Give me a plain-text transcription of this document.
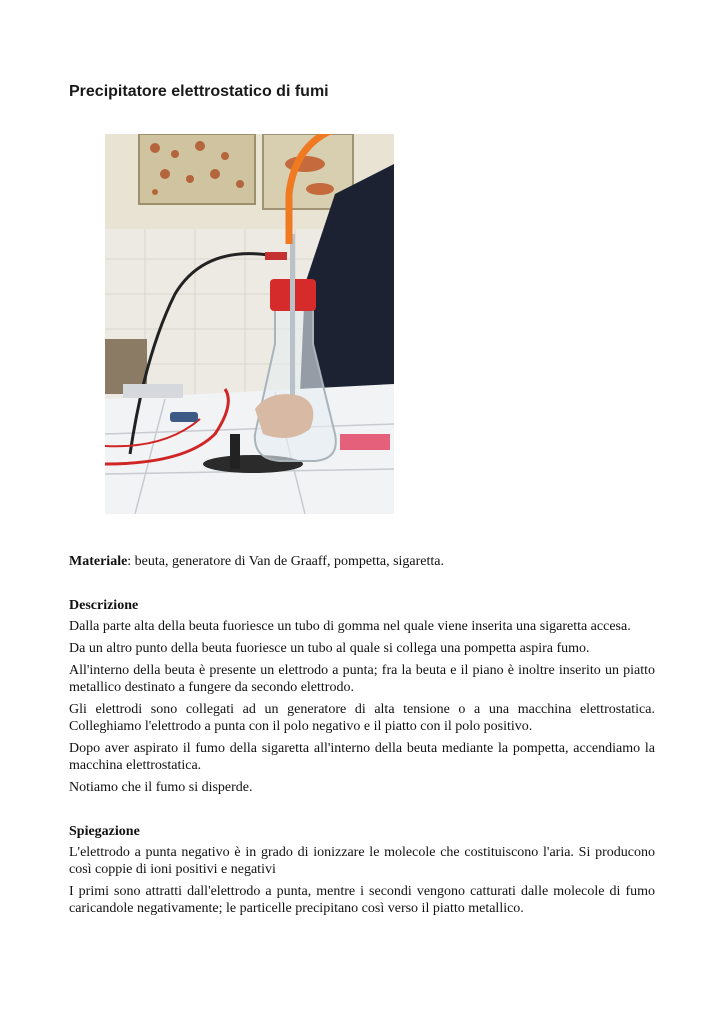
Precipitatore elettrostatico di fumi

Materiale: beuta, generatore di Van de Graaff, pompetta, sigaretta.

Descrizione

Dalla parte alta della beuta fuoriesce un tubo di gomma nel quale viene inserita una sigaretta accesa.

Da un altro punto della beuta fuoriesce un tubo al quale si collega una pompetta aspira fumo.

All'interno della beuta è presente un elettrodo a punta; fra la beuta e il piano è inoltre inserito un piatto metallico destinato a fungere da secondo elettrodo.

Gli elettrodi sono collegati ad un generatore di alta tensione o a una macchina elettrostatica. Colleghiamo l'elettrodo a punta con il polo negativo e il piatto con il polo positivo.

Dopo aver aspirato il fumo della sigaretta all'interno della beuta mediante la pompetta, accendiamo la macchina elettrostatica.

Notiamo che il fumo si disperde.

Spiegazione

L'elettrodo a punta negativo è in grado di ionizzare le molecole che costituiscono l'aria. Si producono così coppie di ioni positivi e negativi

I primi sono attratti dall'elettrodo a punta, mentre i secondi vengono catturati dalle molecole di fumo caricandole negativamente; le particelle precipitano così verso il piatto metallico.
